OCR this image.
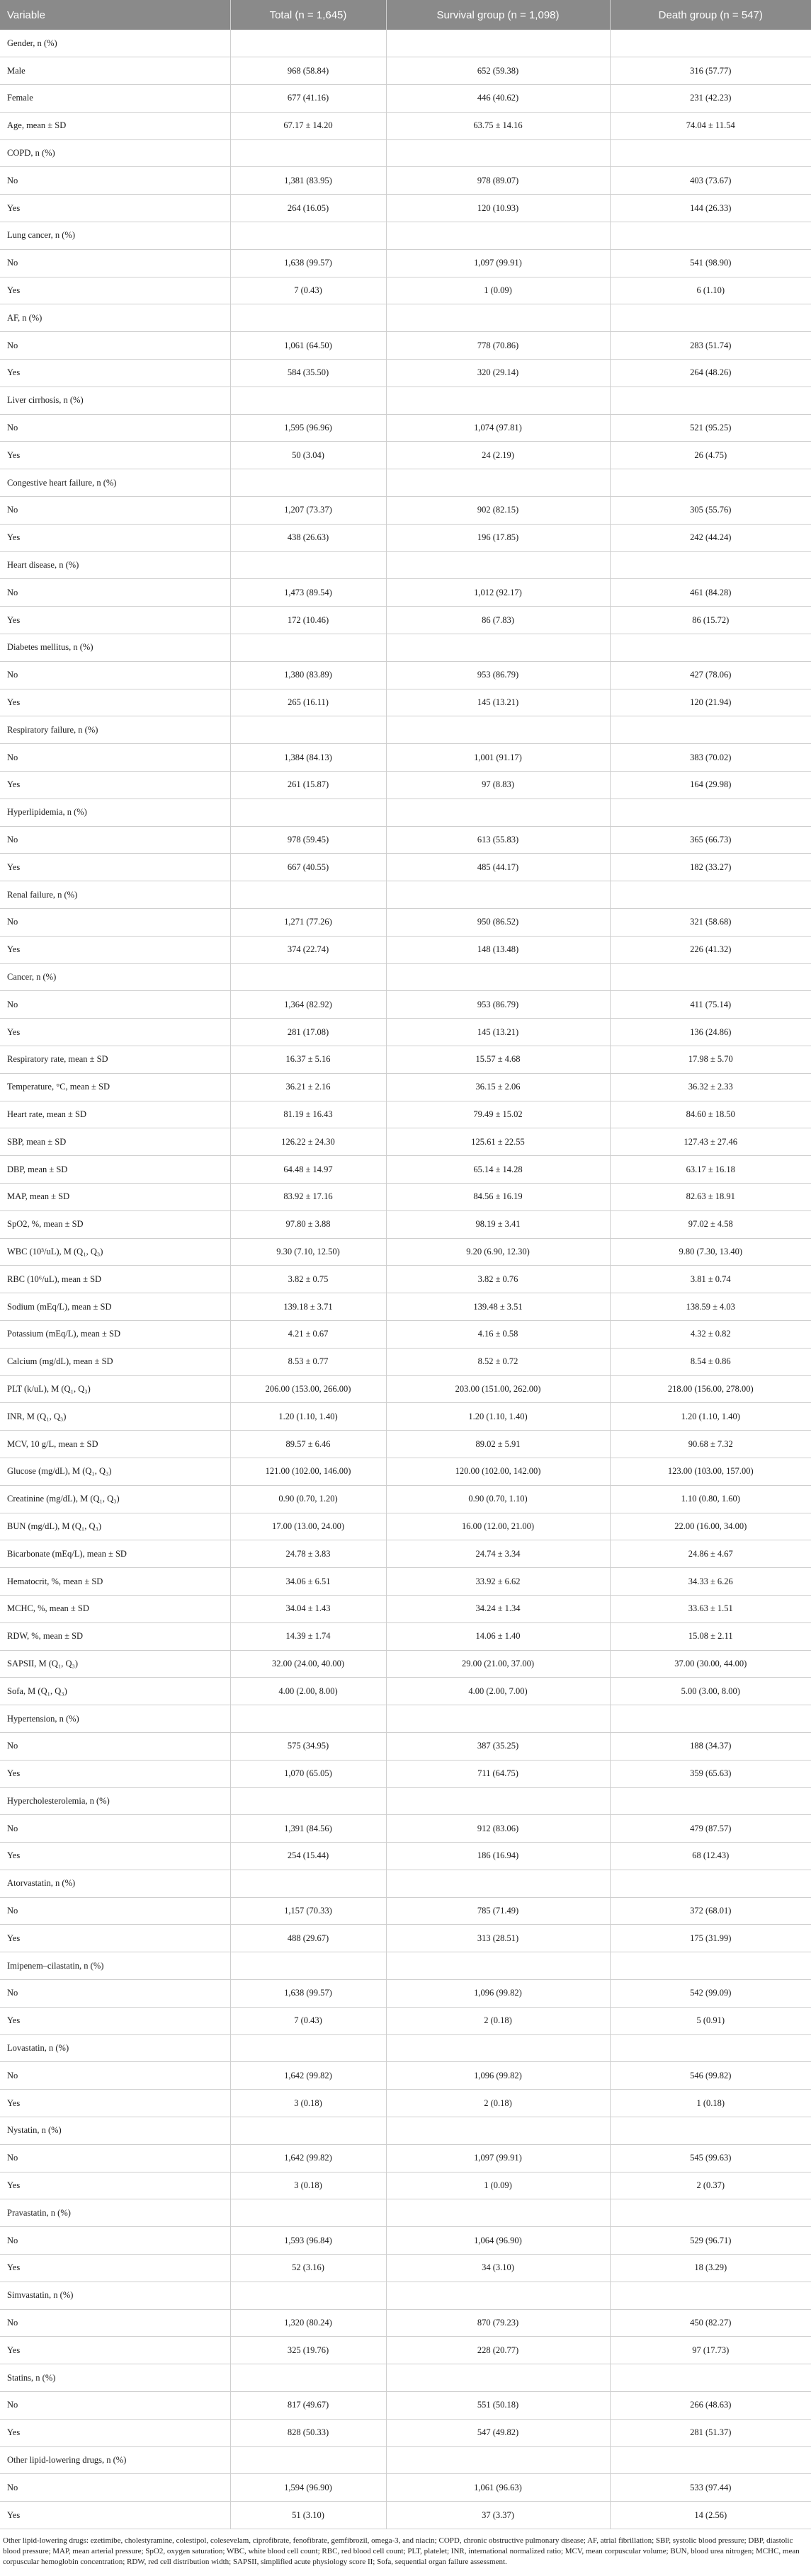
Variable	Total (n = 1,645)	Survival group (n = 1,098)	Death group (n = 547)
Gender, n (%)			
Male	968 (58.84)	652 (59.38)	316 (57.77)
Female	677 (41.16)	446 (40.62)	231 (42.23)
Age, mean ± SD	67.17 ± 14.20	63.75 ± 14.16	74.04 ± 11.54
COPD, n (%)			
No	1,381 (83.95)	978 (89.07)	403 (73.67)
Yes	264 (16.05)	120 (10.93)	144 (26.33)
Lung cancer, n (%)			
No	1,638 (99.57)	1,097 (99.91)	541 (98.90)
Yes	7 (0.43)	1 (0.09)	6 (1.10)
AF, n (%)			
No	1,061 (64.50)	778 (70.86)	283 (51.74)
Yes	584 (35.50)	320 (29.14)	264 (48.26)
Liver cirrhosis, n (%)			
No	1,595 (96.96)	1,074 (97.81)	521 (95.25)
Yes	50 (3.04)	24 (2.19)	26 (4.75)
Congestive heart failure, n (%)			
No	1,207 (73.37)	902 (82.15)	305 (55.76)
Yes	438 (26.63)	196 (17.85)	242 (44.24)
Heart disease, n (%)			
No	1,473 (89.54)	1,012 (92.17)	461 (84.28)
Yes	172 (10.46)	86 (7.83)	86 (15.72)
Diabetes mellitus, n (%)			
No	1,380 (83.89)	953 (86.79)	427 (78.06)
Yes	265 (16.11)	145 (13.21)	120 (21.94)
Respiratory failure, n (%)			
No	1,384 (84.13)	1,001 (91.17)	383 (70.02)
Yes	261 (15.87)	97 (8.83)	164 (29.98)
Hyperlipidemia, n (%)			
No	978 (59.45)	613 (55.83)	365 (66.73)
Yes	667 (40.55)	485 (44.17)	182 (33.27)
Renal failure, n (%)			
No	1,271 (77.26)	950 (86.52)	321 (58.68)
Yes	374 (22.74)	148 (13.48)	226 (41.32)
Cancer, n (%)			
No	1,364 (82.92)	953 (86.79)	411 (75.14)
Yes	281 (17.08)	145 (13.21)	136 (24.86)
Respiratory rate, mean ± SD	16.37 ± 5.16	15.57 ± 4.68	17.98 ± 5.70
Temperature, °C, mean ± SD	36.21 ± 2.16	36.15 ± 2.06	36.32 ± 2.33
Heart rate, mean ± SD	81.19 ± 16.43	79.49 ± 15.02	84.60 ± 18.50
SBP, mean ± SD	126.22 ± 24.30	125.61 ± 22.55	127.43 ± 27.46
DBP, mean ± SD	64.48 ± 14.97	65.14 ± 14.28	63.17 ± 16.18
MAP, mean ± SD	83.92 ± 17.16	84.56 ± 16.19	82.63 ± 18.91
SpO2, %, mean ± SD	97.80 ± 3.88	98.19 ± 3.41	97.02 ± 4.58
WBC (10³/uL), M (Q₁, Q₃)	9.30 (7.10, 12.50)	9.20 (6.90, 12.30)	9.80 (7.30, 13.40)
RBC (10⁶/uL), mean ± SD	3.82 ± 0.75	3.82 ± 0.76	3.81 ± 0.74
Sodium (mEq/L), mean ± SD	139.18 ± 3.71	139.48 ± 3.51	138.59 ± 4.03
Potassium (mEq/L), mean ± SD	4.21 ± 0.67	4.16 ± 0.58	4.32 ± 0.82
Calcium (mg/dL), mean ± SD	8.53 ± 0.77	8.52 ± 0.72	8.54 ± 0.86
PLT (k/uL), M (Q₁, Q₃)	206.00 (153.00, 266.00)	203.00 (151.00, 262.00)	218.00 (156.00, 278.00)
INR, M (Q₁, Q₃)	1.20 (1.10, 1.40)	1.20 (1.10, 1.40)	1.20 (1.10, 1.40)
MCV, 10 g/L, mean ± SD	89.57 ± 6.46	89.02 ± 5.91	90.68 ± 7.32
Glucose (mg/dL), M (Q₁, Q₃)	121.00 (102.00, 146.00)	120.00 (102.00, 142.00)	123.00 (103.00, 157.00)
Creatinine (mg/dL), M (Q₁, Q₃)	0.90 (0.70, 1.20)	0.90 (0.70, 1.10)	1.10 (0.80, 1.60)
BUN (mg/dL), M (Q₁, Q₃)	17.00 (13.00, 24.00)	16.00 (12.00, 21.00)	22.00 (16.00, 34.00)
Bicarbonate (mEq/L), mean ± SD	24.78 ± 3.83	24.74 ± 3.34	24.86 ± 4.67
Hematocrit, %, mean ± SD	34.06 ± 6.51	33.92 ± 6.62	34.33 ± 6.26
MCHC, %, mean ± SD	34.04 ± 1.43	34.24 ± 1.34	33.63 ± 1.51
RDW, %, mean ± SD	14.39 ± 1.74	14.06 ± 1.40	15.08 ± 2.11
SAPSII, M (Q₁, Q₃)	32.00 (24.00, 40.00)	29.00 (21.00, 37.00)	37.00 (30.00, 44.00)
Sofa, M (Q₁, Q₃)	4.00 (2.00, 8.00)	4.00 (2.00, 7.00)	5.00 (3.00, 8.00)
Hypertension, n (%)			
No	575 (34.95)	387 (35.25)	188 (34.37)
Yes	1,070 (65.05)	711 (64.75)	359 (65.63)
Hypercholesterolemia, n (%)			
No	1,391 (84.56)	912 (83.06)	479 (87.57)
Yes	254 (15.44)	186 (16.94)	68 (12.43)
Atorvastatin, n (%)			
No	1,157 (70.33)	785 (71.49)	372 (68.01)
Yes	488 (29.67)	313 (28.51)	175 (31.99)
Imipenem–cilastatin, n (%)			
No	1,638 (99.57)	1,096 (99.82)	542 (99.09)
Yes	7 (0.43)	2 (0.18)	5 (0.91)
Lovastatin, n (%)			
No	1,642 (99.82)	1,096 (99.82)	546 (99.82)
Yes	3 (0.18)	2 (0.18)	1 (0.18)
Nystatin, n (%)			
No	1,642 (99.82)	1,097 (99.91)	545 (99.63)
Yes	3 (0.18)	1 (0.09)	2 (0.37)
Pravastatin, n (%)			
No	1,593 (96.84)	1,064 (96.90)	529 (96.71)
Yes	52 (3.16)	34 (3.10)	18 (3.29)
Simvastatin, n (%)			
No	1,320 (80.24)	870 (79.23)	450 (82.27)
Yes	325 (19.76)	228 (20.77)	97 (17.73)
Statins, n (%)			
No	817 (49.67)	551 (50.18)	266 (48.63)
Yes	828 (50.33)	547 (49.82)	281 (51.37)
Other lipid-lowering drugs, n (%)			
No	1,594 (96.90)	1,061 (96.63)	533 (97.44)
Yes	51 (3.10)	37 (3.37)	14 (2.56)
Other lipid-lowering drugs: ezetimibe, cholestyramine, colestipol, colesevelam, ciprofibrate, fenofibrate, gemfibrozil, omega-3, and niacin; COPD, chronic obstructive pulmonary disease; AF, atrial fibrillation; SBP, systolic blood pressure; DBP, diastolic blood pressure; MAP, mean arterial pressure; SpO2, oxygen saturation; WBC, white blood cell count; RBC, red blood cell count; PLT, platelet; INR, international normalized ratio; MCV, mean corpuscular volume; BUN, blood urea nitrogen; MCHC, mean corpuscular hemoglobin concentration; RDW, red cell distribution width; SAPSII, simplified acute physiology score II; Sofa, sequential organ failure assessment.
